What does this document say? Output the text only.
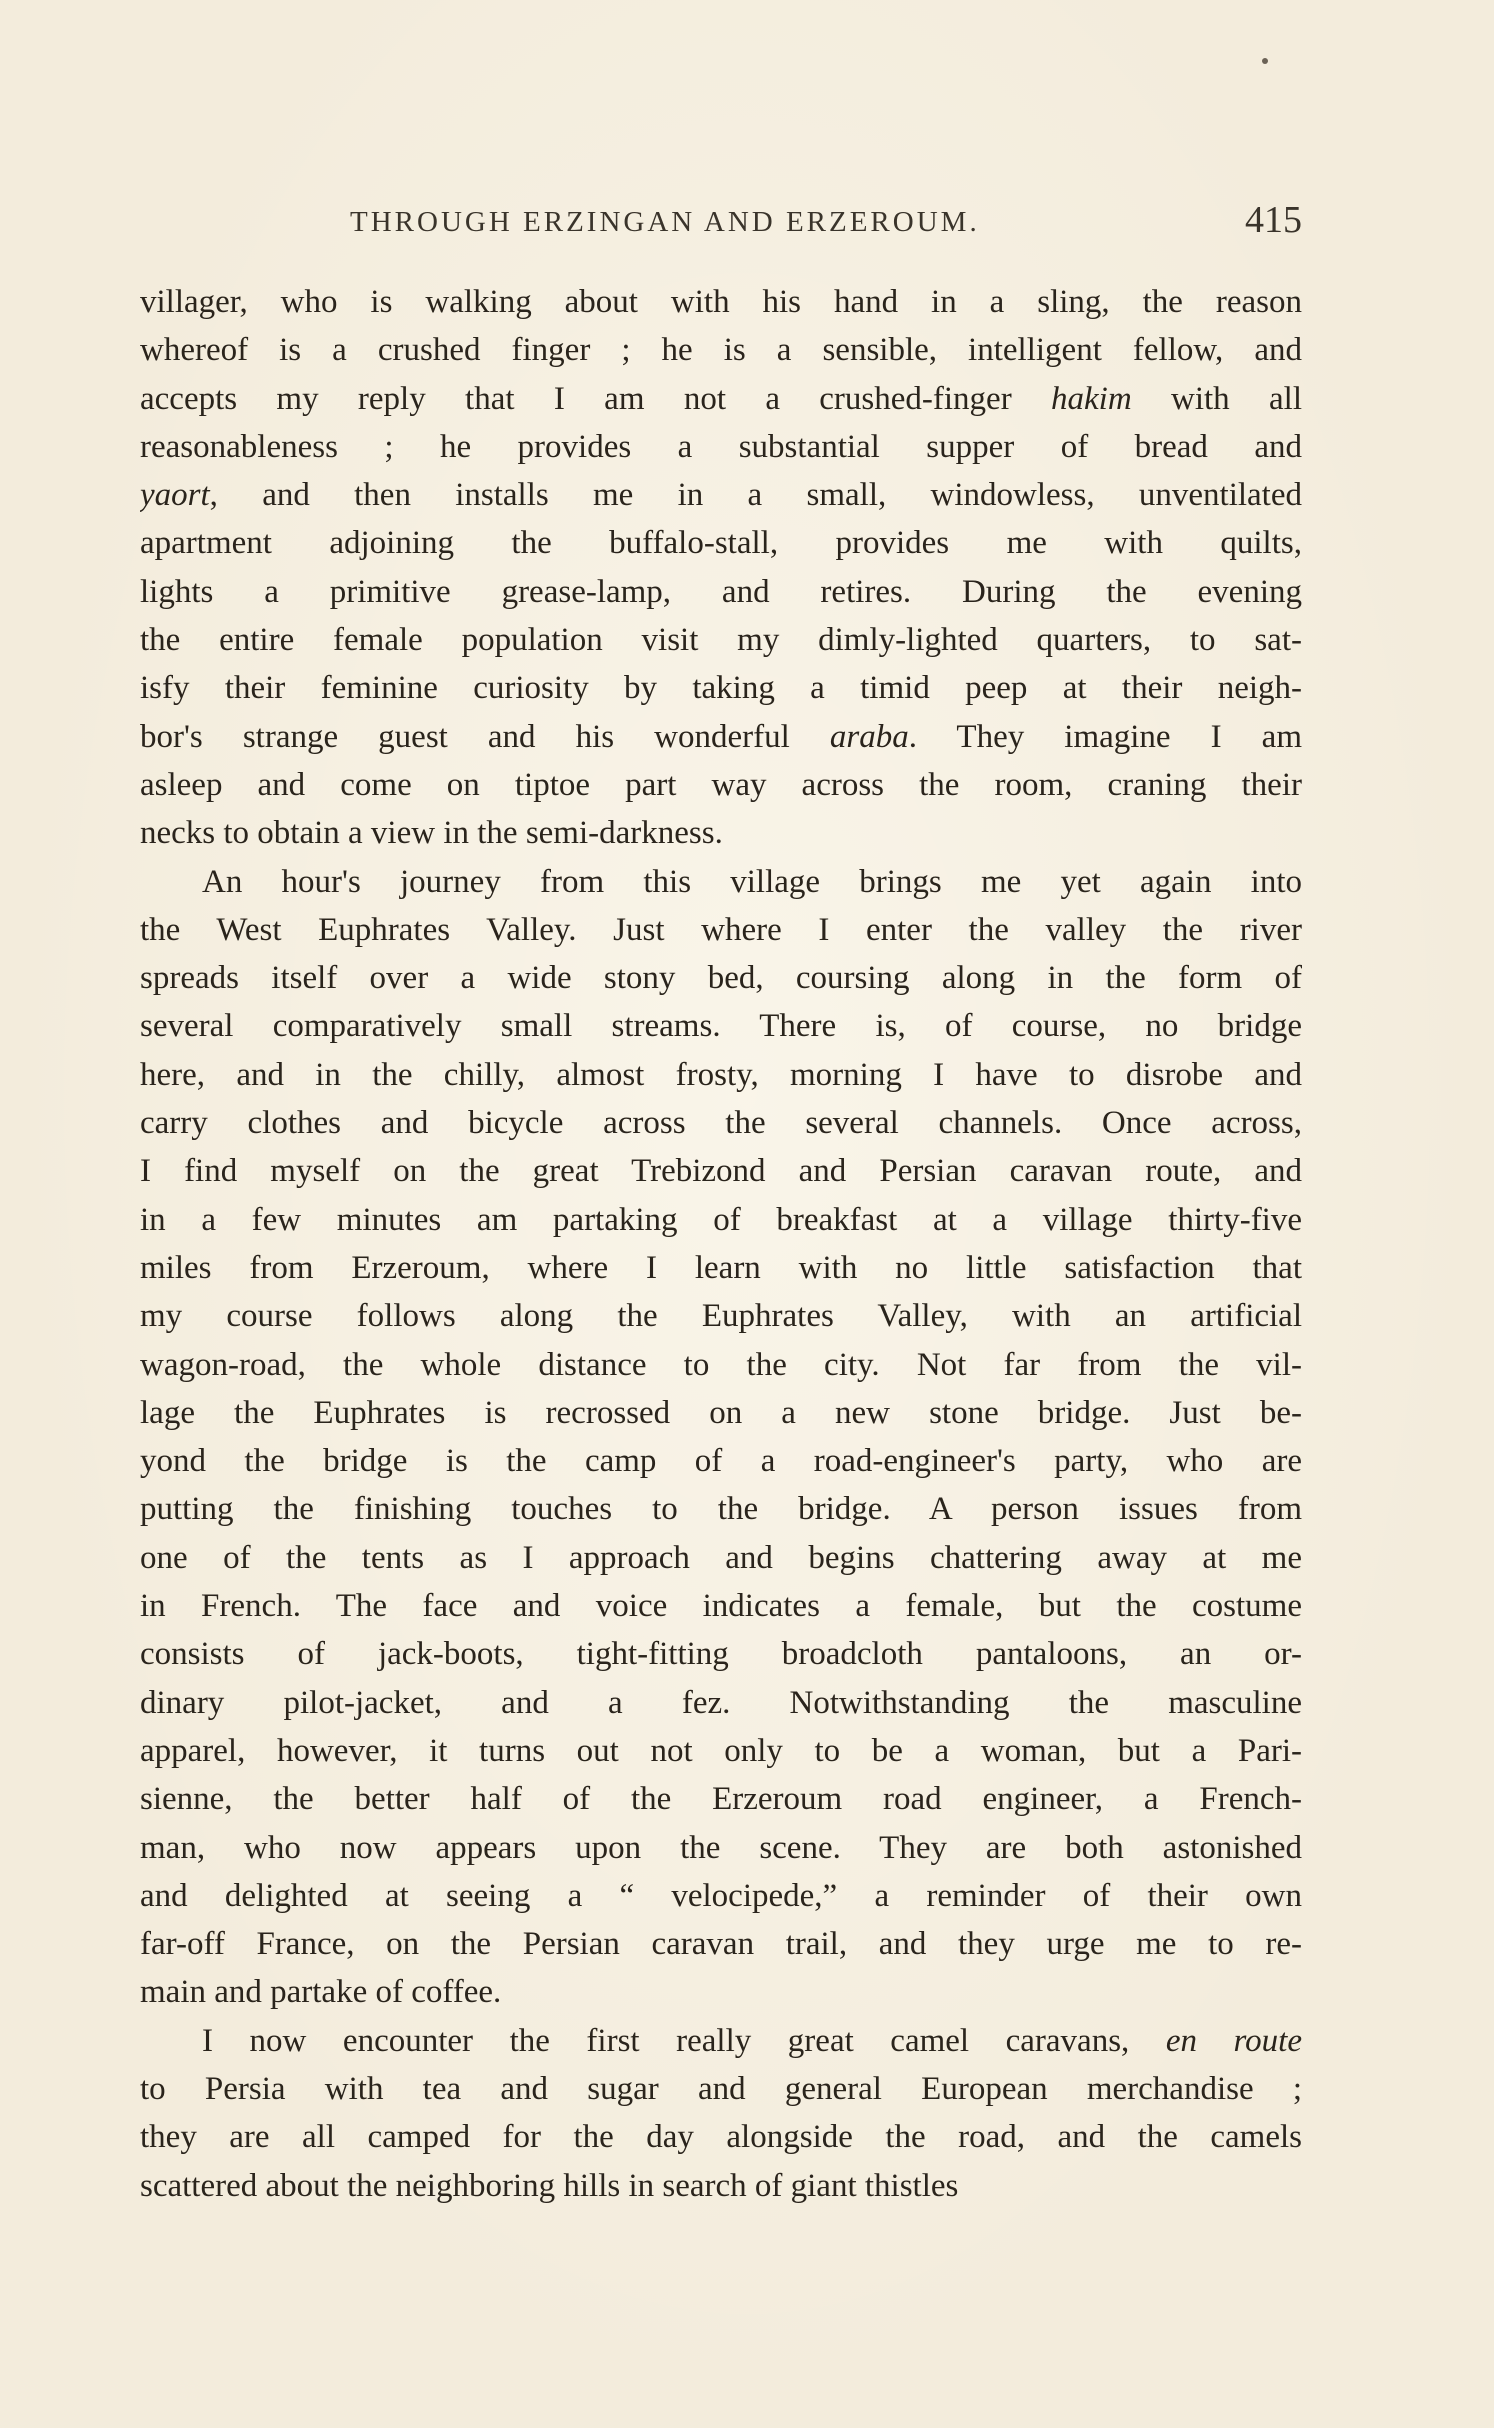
THROUGH ERZINGAN AND ERZEROUM.	415
villager, who is walking about with his hand in a sling, the reason
whereof is a crushed finger ; he is a sensible, intelligent fellow, and
accepts my reply that I am not a crushed-finger hakim with all
reasonableness ; he provides a substantial supper of bread and
yaort, and then installs me in a small, windowless, unventilated
apartment adjoining the buffalo-stall, provides me with quilts,
lights a primitive grease-lamp, and retires. During the evening
the entire female population visit my dimly-lighted quarters, to sat-
isfy their feminine curiosity by taking a timid peep at their neigh-
bor's strange guest and his wonderful araba. They imagine I am
asleep and come on tiptoe part way across the room, craning their
necks to obtain a view in the semi-darkness.
An hour's journey from this village brings me yet again into
the West Euphrates Valley. Just where I enter the valley the river
spreads itself over a wide stony bed, coursing along in the form of
several comparatively small streams. There is, of course, no bridge
here, and in the chilly, almost frosty, morning I have to disrobe and
carry clothes and bicycle across the several channels. Once across,
I find myself on the great Trebizond and Persian caravan route, and
in a few minutes am partaking of breakfast at a village thirty-five
miles from Erzeroum, where I learn with no little satisfaction that
my course follows along the Euphrates Valley, with an artificial
wagon-road, the whole distance to the city. Not far from the vil-
lage the Euphrates is recrossed on a new stone bridge. Just be-
yond the bridge is the camp of a road-engineer's party, who are
putting the finishing touches to the bridge. A person issues from
one of the tents as I approach and begins chattering away at me
in French. The face and voice indicates a female, but the costume
consists of jack-boots, tight-fitting broadcloth pantaloons, an or-
dinary pilot-jacket, and a fez. Notwithstanding the masculine
apparel, however, it turns out not only to be a woman, but a Pari-
sienne, the better half of the Erzeroum road engineer, a French-
man, who now appears upon the scene. They are both astonished
and delighted at seeing a “ velocipede,” a reminder of their own
far-off France, on the Persian caravan trail, and they urge me to re-
main and partake of coffee.
I now encounter the first really great camel caravans, en route
to Persia with tea and sugar and general European merchandise ;
they are all camped for the day alongside the road, and the camels
scattered about the neighboring hills in search of giant thistles
